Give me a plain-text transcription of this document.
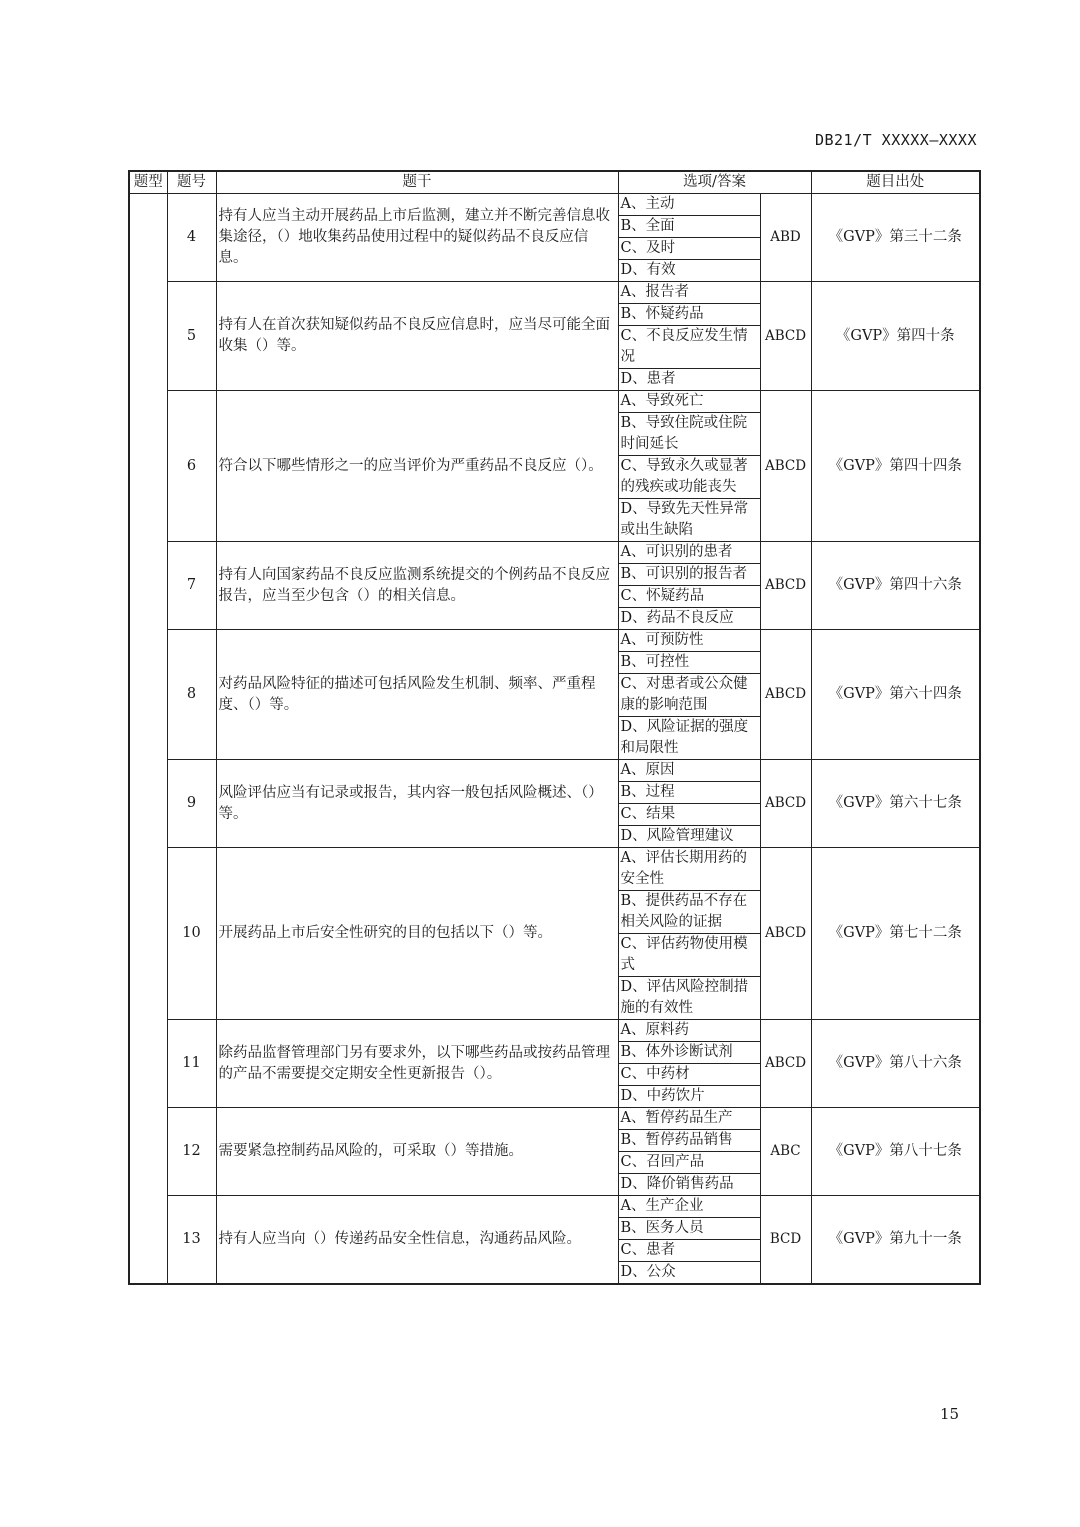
DB21/T XXXXX—XXXX
题型	题号	题干	选项/答案		题目出处
	4	持有人应当主动开展药品上市后监测，建立并不断完善信息收集途径，（）地收集药品使用过程中的疑似药品不良反应信息。	A、主动	ABD	《GVP》第三十二条
			B、全面		
			C、及时		
			D、有效		
	5	持有人在首次获知疑似药品不良反应信息时，应当尽可能全面收集（）等。	A、报告者	ABCD	《GVP》第四十条
			B、怀疑药品		
			C、不良反应发生情况		
			D、患者		
	6	符合以下哪些情形之一的应当评价为严重药品不良反应（）。	A、导致死亡	ABCD	《GVP》第四十四条
			B、导致住院或住院时间延长		
			C、导致永久或显著的残疾或功能丧失		
			D、导致先天性异常或出生缺陷		
	7	持有人向国家药品不良反应监测系统提交的个例药品不良反应报告，应当至少包含（）的相关信息。	A、可识别的患者	ABCD	《GVP》第四十六条
			B、可识别的报告者		
			C、怀疑药品		
			D、药品不良反应		
	8	对药品风险特征的描述可包括风险发生机制、频率、严重程度、（）等。	A、可预防性	ABCD	《GVP》第六十四条
			B、可控性		
			C、对患者或公众健康的影响范围		
			D、风险证据的强度和局限性		
	9	风险评估应当有记录或报告，其内容一般包括风险概述、（）等。	A、原因	ABCD	《GVP》第六十七条
			B、过程		
			C、结果		
			D、风险管理建议		
	10	开展药品上市后安全性研究的目的包括以下（）等。	A、评估长期用药的安全性	ABCD	《GVP》第七十二条
			B、提供药品不存在相关风险的证据		
			C、评估药物使用模式		
			D、评估风险控制措施的有效性		
	11	除药品监督管理部门另有要求外，以下哪些药品或按药品管理的产品不需要提交定期安全性更新报告（）。	A、原料药	ABCD	《GVP》第八十六条
			B、体外诊断试剂		
			C、中药材		
			D、中药饮片		
	12	需要紧急控制药品风险的，可采取（）等措施。	A、暂停药品生产	ABC	《GVP》第八十七条
			B、暂停药品销售		
			C、召回产品		
			D、降价销售药品		
	13	持有人应当向（）传递药品安全性信息，沟通药品风险。	A、生产企业	BCD	《GVP》第九十一条
			B、医务人员		
			C、患者		
			D、公众		
15
